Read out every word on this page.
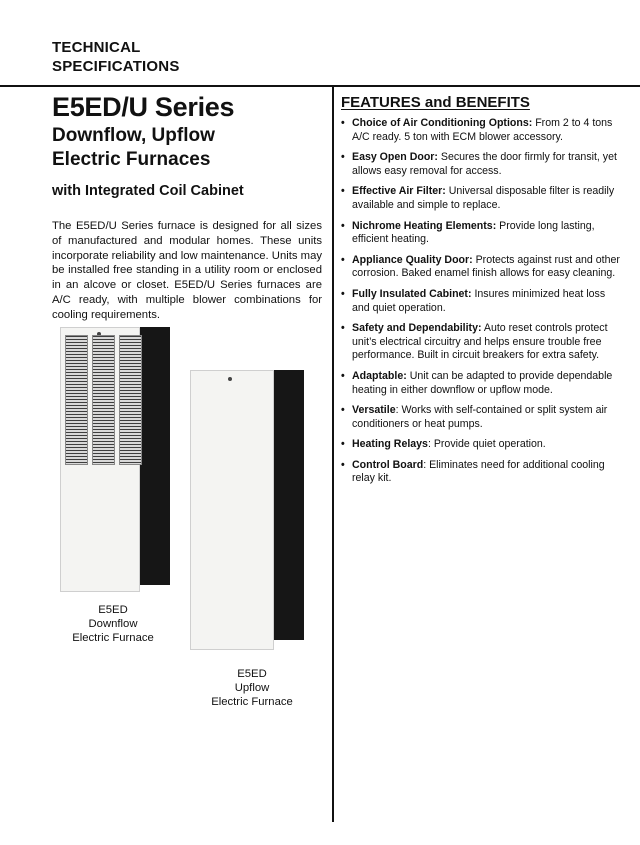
TECHNICAL
SPECIFICATIONS
E5ED/U Series
Downflow, Upflow
Electric Furnaces
with Integrated Coil Cabinet

The E5ED/U Series furnace is designed for all sizes of manufactured and modular homes. These units incorporate reliability and low maintenance. Units may be installed free standing in a utility room or enclosed in an alcove or closet. E5ED/U Series furnaces are A/C ready, with multiple blower combinations for cooling requirements.

E5ED
Downflow
Electric Furnace
E5ED
Upflow
Electric Furnace
FEATURES and BENEFITS
• Choice of Air Conditioning Options: From 2 to 4 tons A/C ready. 5 ton with ECM blower accessory.
• Easy Open Door: Secures the door firmly for transit, yet allows easy removal for access.
• Effective Air Filter: Universal disposable filter is readily available and simple to replace.
• Nichrome Heating Elements: Provide long lasting, efficient heating.
• Appliance Quality Door: Protects against rust and other corrosion. Baked enamel finish allows for easy cleaning.
• Fully Insulated Cabinet: Insures minimized heat loss and quiet operation.
• Safety and Dependability: Auto reset controls protect unit’s electrical circuitry and helps ensure trouble free performance. Built in circuit breakers for extra safety.
• Adaptable: Unit can be adapted to provide dependable heating in either downflow or upflow mode.
• Versatile: Works with self-contained or split system air conditioners or heat pumps.
• Heating Relays: Provide quiet operation.
• Control Board: Eliminates need for additional cooling relay kit.
